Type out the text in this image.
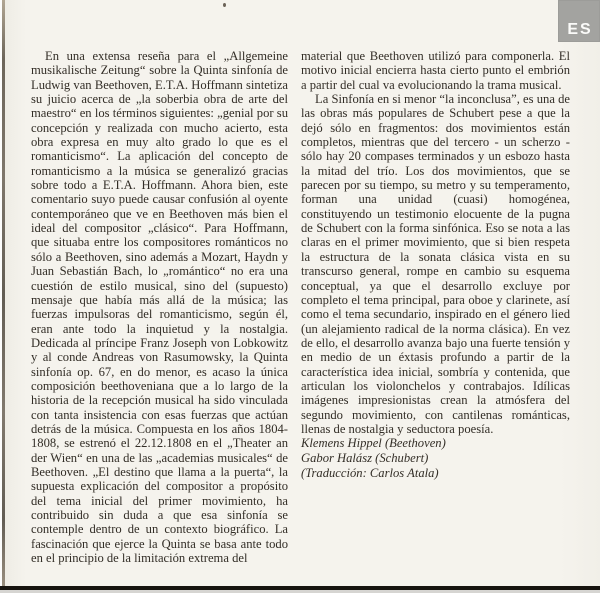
ES

En una extensa reseña para el „Allgemeine musikalische Zeitung“ sobre la Quinta sinfonía de Ludwig van Beethoven, E.T.A. Hoffmann sintetiza su juicio acerca de „la soberbia obra de arte del maestro“ en los términos siguientes: „genial por su concepción y realizada con mucho acierto, esta obra expresa en muy alto grado lo que es el romanticismo“. La aplicación del concepto de romanticismo a la música se generalizó gracias sobre todo a E.T.A. Hoffmann. Ahora bien, este comentario suyo puede causar confusión al oyente contemporáneo que ve en Beethoven más bien el ideal del compositor „clásico“. Para Hoffmann, que situaba entre los compositores románticos no sólo a Beethoven, sino además a Mozart, Haydn y Juan Sebastián Bach, lo „romántico“ no era una cuestión de estilo musical, sino del (supuesto) mensaje que había más allá de la música; las fuerzas impulsoras del romanticismo, según él, eran ante todo la inquietud y la nostalgia. Dedicada al príncipe Franz Joseph von Lobkowitz y al conde Andreas von Rasumowsky, la Quinta sinfonía op. 67, en do menor, es acaso la única composición beethoveniana que a lo largo de la historia de la recepción musical ha sido vinculada con tanta insistencia con esas fuerzas que actúan detrás de la música. Compuesta en los años 1804-1808, se estrenó el 22.12.1808 en el „Theater an der Wien“ en una de las „academias musicales“ de Beethoven. „El destino que llama a la puerta“, la supuesta explicación del compositor a propósito del tema inicial del primer movimiento, ha contribuido sin duda a que esa sinfonía se contemple dentro de un contexto biográfico. La fascinación que ejerce la Quinta se basa ante todo en el principio de la limitación extrema del

material que Beethoven utilizó para componerla. El motivo inicial encierra hasta cierto punto el embrión a partir del cual va evolucionando la trama musical.

La Sinfonía en si menor “la inconclusa”, es una de las obras más populares de Schubert pese a que la dejó sólo en fragmentos: dos movimientos están completos, mientras que del tercero - un scherzo - sólo hay 20 compases terminados y un esbozo hasta la mitad del trío. Los dos movimientos, que se parecen por su tiempo, su metro y su temperamento, forman una unidad (cuasi) homogénea, constituyendo un testimonio elocuente de la pugna de Schubert con la forma sinfónica. Eso se nota a las claras en el primer movimiento, que si bien respeta la estructura de la sonata clásica vista en su transcurso general, rompe en cambio su esquema conceptual, ya que el desarrollo excluye por completo el tema principal, para oboe y clarinete, así como el tema secundario, inspirado en el género lied (un alejamiento radical de la norma clásica). En vez de ello, el desarrollo avanza bajo una fuerte tensión y en medio de un éxtasis profundo a partir de la característica idea inicial, sombría y contenida, que articulan los violonchelos y contrabajos. Idílicas imágenes impresionistas crean la atmósfera del segundo movimiento, con cantilenas románticas, llenas de nostalgia y seductora poesía.

Klemens Hippel (Beethoven)

Gabor Halász (Schubert)

(Traducción: Carlos Atala)
